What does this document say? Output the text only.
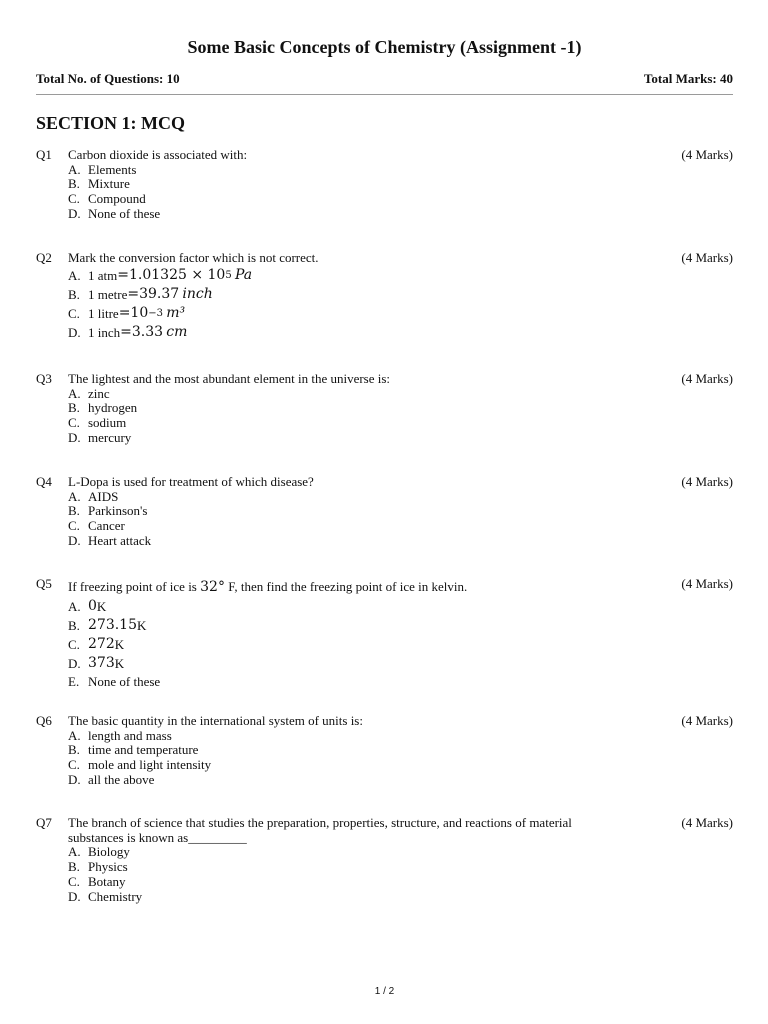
Some Basic Concepts of Chemistry (Assignment -1)
Total No. of Questions: 10	Total Marks: 40
SECTION 1: MCQ
Q1	(4 Marks)
Carbon dioxide is associated with:
A. Elements
B. Mixture
C. Compound
D. None of these
Q2	(4 Marks)
Mark the conversion factor which is not correct.
A. 1 atm = 1.01325 × 10 5
Pa
B. 1 metre = 39.37
inch
C. 1 litre = 10 −3
m³
D. 1 inch = 3.33
cm
Q3	(4 Marks)
The lightest and the most abundant element in the universe is:
A. zinc
B. hydrogen
C. sodium
D. mercury
Q4	(4 Marks)
L-Dopa is used for treatment of which disease?
A. AIDS
B. Parkinson's
C. Cancer
D. Heart attack
Q5	(4 Marks)
If freezing point of ice is 32° F, then find the freezing point of ice in kelvin.
A. 0 K
B. 273.15 K
C. 272 K
D. 373 K
E. None of these
Q6	(4 Marks)
The basic quantity in the international system of units is:
A. length and mass
B. time and temperature
C. mole and light intensity
D. all the above
Q7	(4 Marks)
The branch of science that studies the preparation, properties, structure, and reactions of material substances is known as_________
A. Biology
B. Physics
C. Botany
D. Chemistry
1 / 2
